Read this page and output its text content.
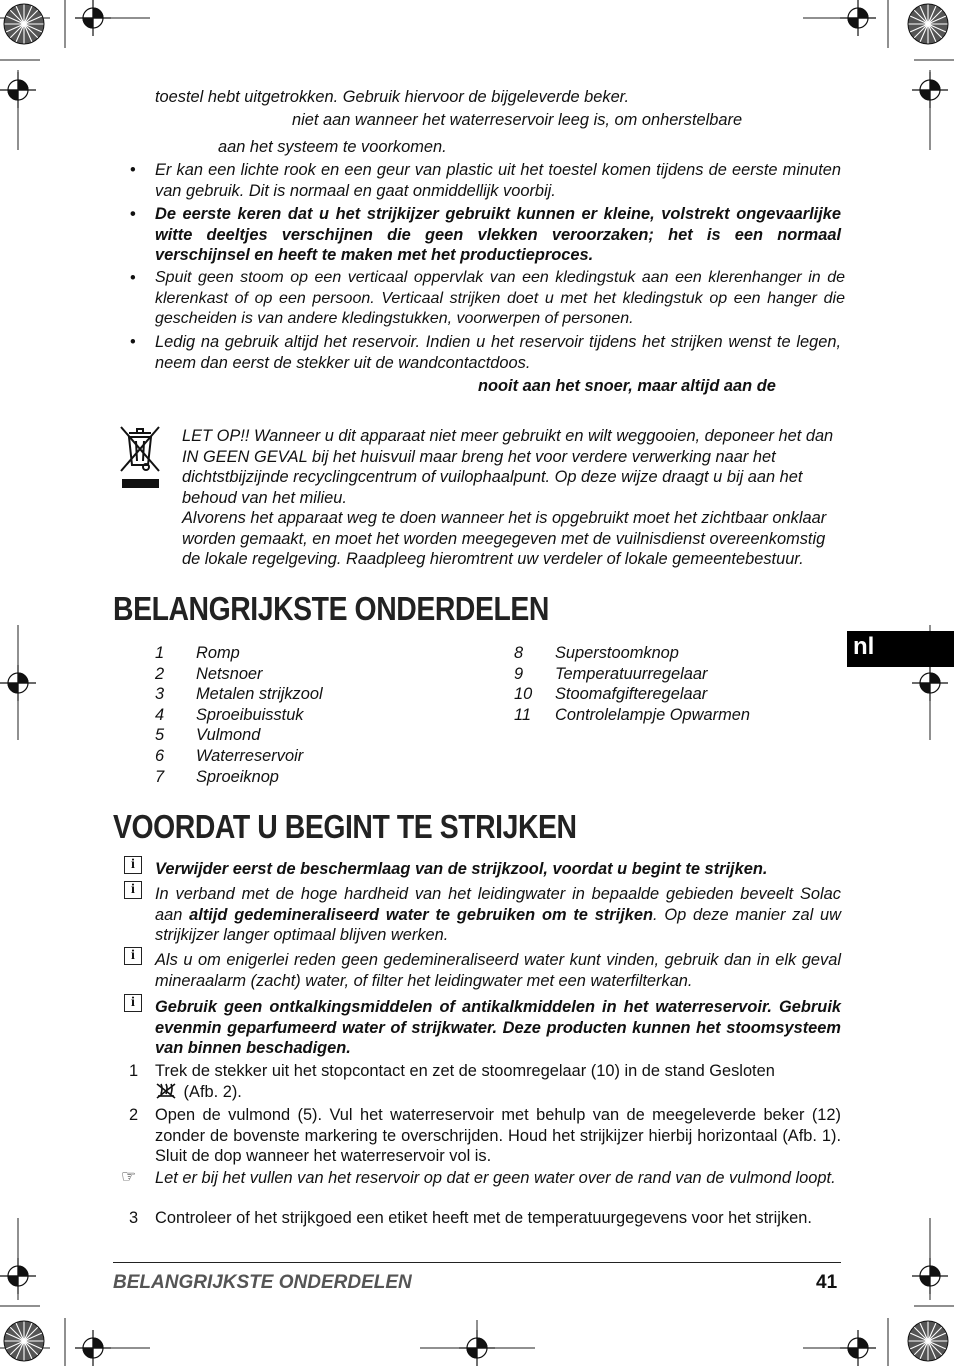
toestel hebt uitgetrokken. Gebruik hiervoor de bijgeleverde beker.
niet aan wanneer het waterreservoir leeg is, om onherstelbare
aan het systeem te voorkomen.
• Er kan een lichte rook en een geur van plastic uit het toestel komen tijdens de eerste minuten van gebruik. Dit is normaal en gaat onmiddellijk voorbij.
• De eerste keren dat u het strijkijzer gebruikt kunnen er kleine, volstrekt ongevaarlijke witte deeltjes verschijnen die geen vlekken veroorzaken; het is een normaal verschijnsel en heeft te maken met het productieproces.
• Spuit geen stoom op een verticaal oppervlak van een kledingstuk aan een klerenhanger in de klerenkast of op een persoon. Verticaal strijken doet u met het kledingstuk op een hanger die gescheiden is van andere kledingstukken, voorwerpen of personen.
• Ledig na gebruik altijd het reservoir. Indien u het reservoir tijdens het strijken wenst te legen, neem dan eerst de stekker uit de wandcontactdoos.
nooit aan het snoer, maar altijd aan de
LET OP!! Wanneer u dit apparaat niet meer gebruikt en wilt weggooien, deponeer het dan IN GEEN GEVAL bij het huisvuil maar breng het voor verdere verwerking naar het dichtstbijzijnde recyclingcentrum of vuilophaalpunt. Op deze wijze draagt u bij aan het behoud van het milieu.
Alvorens het apparaat weg te doen wanneer het is opgebruikt moet het zichtbaar onklaar worden gemaakt, en moet het worden meegegeven met de vuilnisdienst overeenkomstig de lokale regelgeving. Raadpleeg hieromtrent uw verdeler of lokale gemeentebestuur.
BELANGRIJKSTE ONDERDELEN
1 Romp
2 Netsnoer
3 Metalen strijkzool
4 Sproeibuisstuk
5 Vulmond
6 Waterreservoir
7 Sproeiknop
8 Superstoomknop
9 Temperatuurregelaar
10 Stoomafgifteregelaar
11 Controlelampje Opwarmen
nl
VOORDAT U BEGINT TE STRIJKEN
i	Verwijder eerst de beschermlaag van de strijkzool, voordat u begint te strijken.
i	In verband met de hoge hardheid van het leidingwater in bepaalde gebieden beveelt Solac aan altijd gedemineraliseerd water te gebruiken om te strijken. Op deze manier zal uw strijkijzer langer optimaal blijven werken.
i	Als u om enigerlei reden geen gedemineraliseerd water kunt vinden, gebruik dan in elk geval mineraalarm (zacht) water, of filter het leidingwater met een waterfilterkan.
i	Gebruik geen ontkalkingsmiddelen of antikalkmiddelen in het waterreservoir. Gebruik evenmin geparfumeerd water of strijkwater. Deze producten kunnen het stoomsysteem van binnen beschadigen.
1 Trek de stekker uit het stopcontact en zet de stoomregelaar (10) in de stand Gesloten
(Afb. 2).
2 Open de vulmond (5). Vul het waterreservoir met behulp van de meegeleverde beker (12) zonder de bovenste markering te overschrijden. Houd het strijkijzer hierbij horizontaal (Afb. 1). Sluit de dop wanneer het waterreservoir vol is.
☞ Let er bij het vullen van het reservoir op dat er geen water over de rand van de vulmond loopt.
3 Controleer of het strijkgoed een etiket heeft met de temperatuurgegevens voor het strijken.
BELANGRIJKSTE ONDERDELEN	41
